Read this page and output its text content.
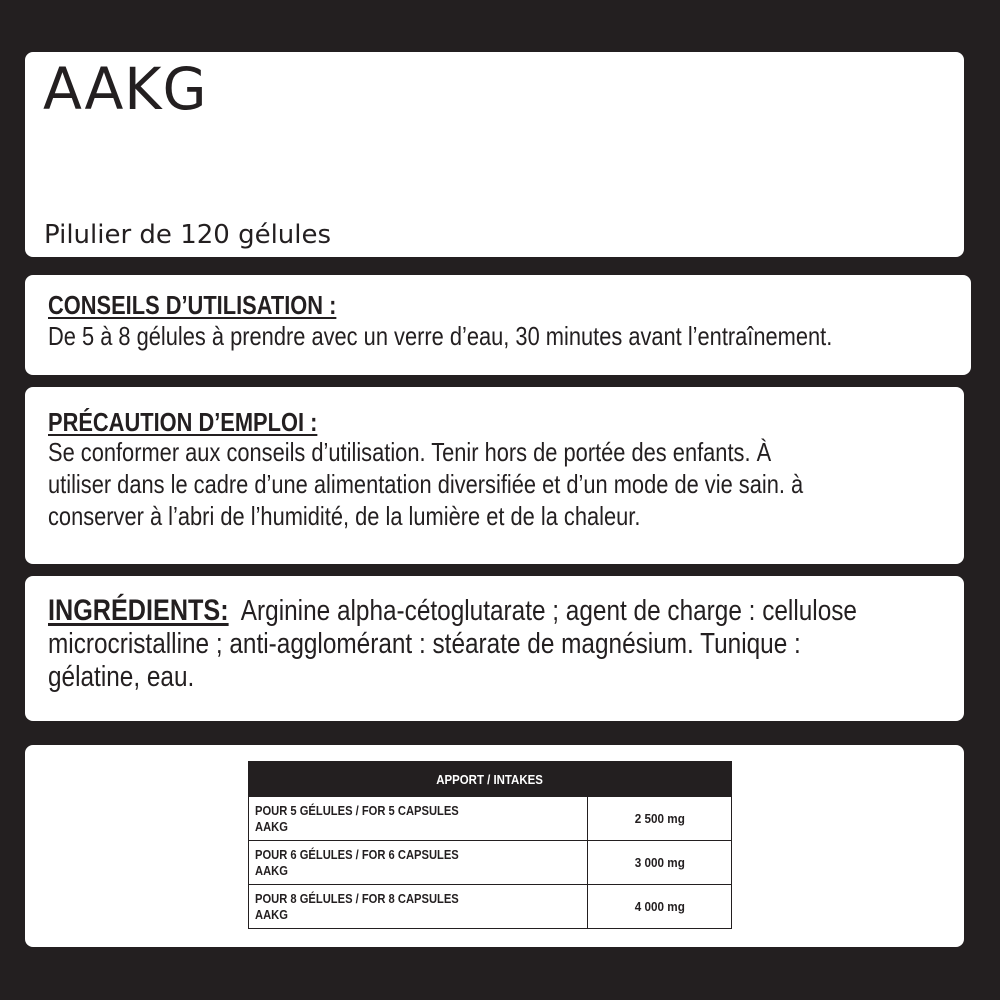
AAKG
Pilulier de 120 gélules
CONSEILS D’UTILISATION :
De 5 à 8 gélules à prendre avec un verre d’eau, 30 minutes avant l’entraînement.
PRÉCAUTION D’EMPLOI :
Se conformer aux conseils d’utilisation. Tenir hors de portée des enfants. À
utiliser dans le cadre d’une alimentation diversifiée et d’un mode de vie sain. à
conserver à l’abri de l’humidité, de la lumière et de la chaleur.
INGRÉDIENTS: Arginine alpha-cétoglutarate ; agent de charge : cellulose
microcristalline ; anti-agglomérant : stéarate de magnésium. Tunique :
gélatine, eau.
APPORT / INTAKES	
POUR 5 GÉLULES / FOR 5 CAPSULES
AAKG	2 500 mg
POUR 6 GÉLULES / FOR 6 CAPSULES
AAKG	3 000 mg
POUR 8 GÉLULES / FOR 8 CAPSULES
AAKG	4 000 mg
